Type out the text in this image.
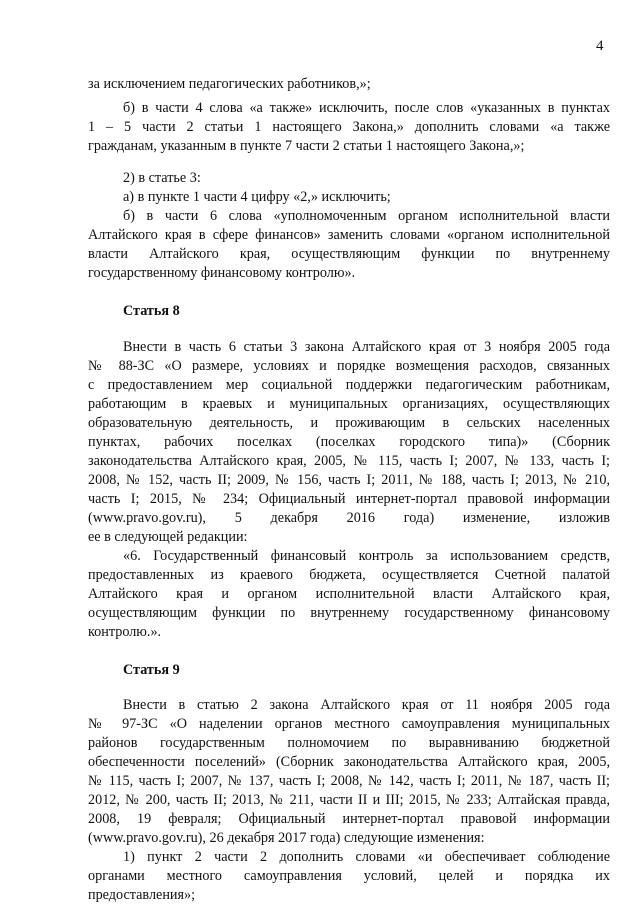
4
за исключением педагогических работников,»;
б) в части 4 слова «а также» исключить, после слов «указанных в пунктах
1 – 5 части 2 статьи 1 настоящего Закона,» дополнить словами «а также
гражданам, указанным в пункте 7 части 2 статьи 1 настоящего Закона,»;
2) в статье 3:
а) в пункте 1 части 4 цифру «2,» исключить;
б) в части 6 слова «уполномоченным органом исполнительной власти
Алтайского края в сфере финансов» заменить словами «органом исполнительной
власти Алтайского края, осуществляющим функции по внутреннему
государственному финансовому контролю».
Статья 8
Внести в часть 6 статьи 3 закона Алтайского края от 3 ноября 2005 года
№ 88-ЗС «О размере, условиях и порядке возмещения расходов, связанных
с предоставлением мер социальной поддержки педагогическим работникам,
работающим в краевых и муниципальных организациях, осуществляющих
образовательную деятельность, и проживающим в сельских населенных
пунктах, рабочих поселках (поселках городского типа)» (Сборник
законодательства Алтайского края, 2005, № 115, часть I; 2007, № 133, часть I;
2008, № 152, часть II; 2009, № 156, часть I; 2011, № 188, часть I; 2013, № 210,
часть I; 2015, № 234; Официальный интернет-портал правовой информации
(www.pravo.gov.ru), 5 декабря 2016 года) изменение, изложив
ее в следующей редакции:
«6. Государственный финансовый контроль за использованием средств,
предоставленных из краевого бюджета, осуществляется Счетной палатой
Алтайского края и органом исполнительной власти Алтайского края,
осуществляющим функции по внутреннему государственному финансовому
контролю.».
Статья 9
Внести в статью 2 закона Алтайского края от 11 ноября 2005 года
№ 97-ЗС «О наделении органов местного самоуправления муниципальных
районов государственным полномочием по выравниванию бюджетной
обеспеченности поселений» (Сборник законодательства Алтайского края, 2005,
№ 115, часть I; 2007, № 137, часть I; 2008, № 142, часть I; 2011, № 187, часть II;
2012, № 200, часть II; 2013, № 211, части II и III; 2015, № 233; Алтайская правда,
2008, 19 февраля; Официальный интернет-портал правовой информации
(www.pravo.gov.ru), 26 декабря 2017 года) следующие изменения:
1) пункт 2 части 2 дополнить словами «и обеспечивает соблюдение
органами местного самоуправления условий, целей и порядка их
предоставления»;
